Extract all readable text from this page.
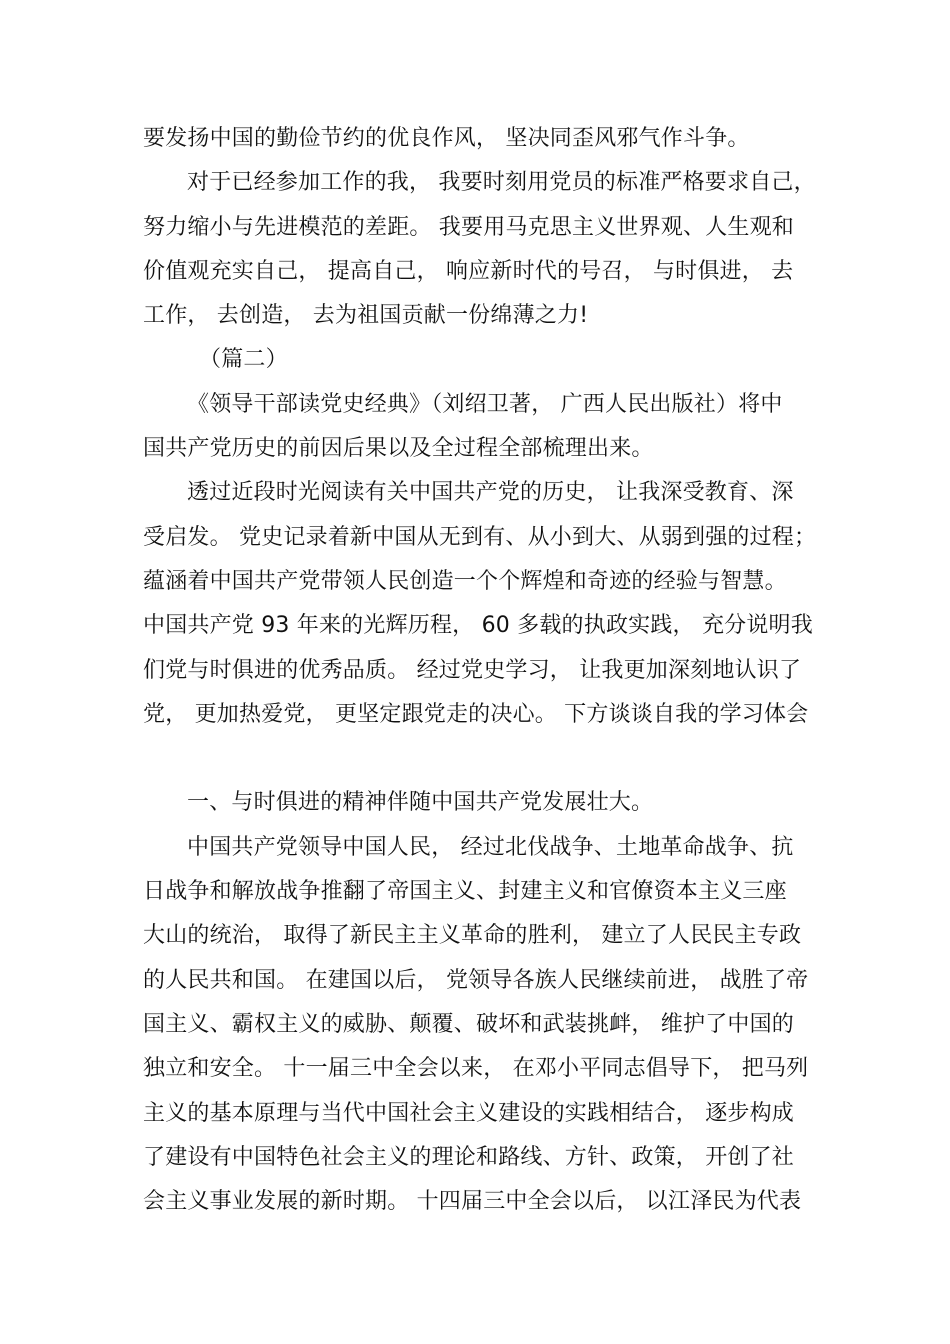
要发扬中国的勤俭节约的优良作风， 坚决同歪风邪气作斗争。
对于已经参加工作的我， 我要时刻用党员的标准严格要求自己，
努力缩小与先进模范的差距。 我要用马克思主义世界观、人生观和
价值观充实自己， 提高自己， 响应新时代的号召， 与时俱进， 去
工作， 去创造， 去为祖国贡献一份绵薄之力!
（篇二）
《领导干部读党史经典》（刘绍卫著， 广西人民出版社）将中
国共产党历史的前因后果以及全过程全部梳理出来。
透过近段时光阅读有关中国共产党的历史， 让我深受教育、深
受启发。 党史记录着新中国从无到有、从小到大、从弱到强的过程；
蕴涵着中国共产党带领人民创造一个个辉煌和奇迹的经验与智慧。
中国共产党 93 年来的光辉历程， 60 多载的执政实践， 充分说明我
们党与时俱进的优秀品质。 经过党史学习， 让我更加深刻地认识了
党， 更加热爱党， 更坚定跟党走的决心。 下方谈谈自我的学习体会
一、与时俱进的精神伴随中国共产党发展壮大。
中国共产党领导中国人民， 经过北伐战争、土地革命战争、抗
日战争和解放战争推翻了帝国主义、封建主义和官僚资本主义三座
大山的统治， 取得了新民主主义革命的胜利， 建立了人民民主专政
的人民共和国。 在建国以后， 党领导各族人民继续前进， 战胜了帝
国主义、霸权主义的威胁、颠覆、破坏和武装挑衅， 维护了中国的
独立和安全。 十一届三中全会以来， 在邓小平同志倡导下， 把马列
主义的基本原理与当代中国社会主义建设的实践相结合， 逐步构成
了建设有中国特色社会主义的理论和路线、方针、政策， 开创了社
会主义事业发展的新时期。 十四届三中全会以后， 以江泽民为代表
